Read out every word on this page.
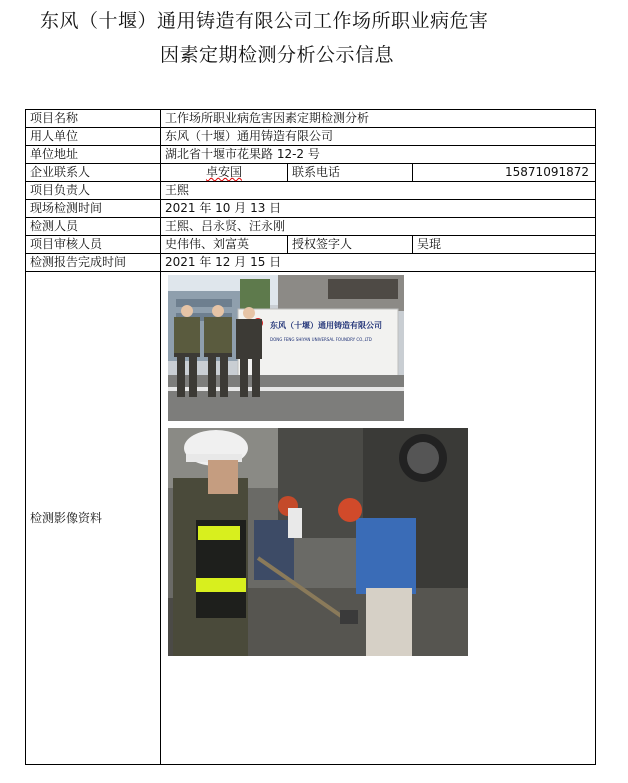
东风（十堰）通用铸造有限公司工作场所职业病危害
因素定期检测分析公示信息
项目名称	工作场所职业病危害因素定期检测分析		
用人单位	东风（十堰）通用铸造有限公司		
单位地址	湖北省十堰市花果路 12-2 号		
企业联系人	卓安国	联系电话	15871091872
项目负责人	王熙		
现场检测时间	2021 年 10 月 13 日		
检测人员	王熙、吕永贤、汪永刚		
项目审核人员	史伟伟、刘富英	授权签字人	吴琨
检测报告完成时间	2021 年 12 月 15 日		
检测影像资料	东风（十堰）通用铸造有限公司
DONG FENG SHIYAN UNIVERSAL FOUNDRY CO.,LTD		
